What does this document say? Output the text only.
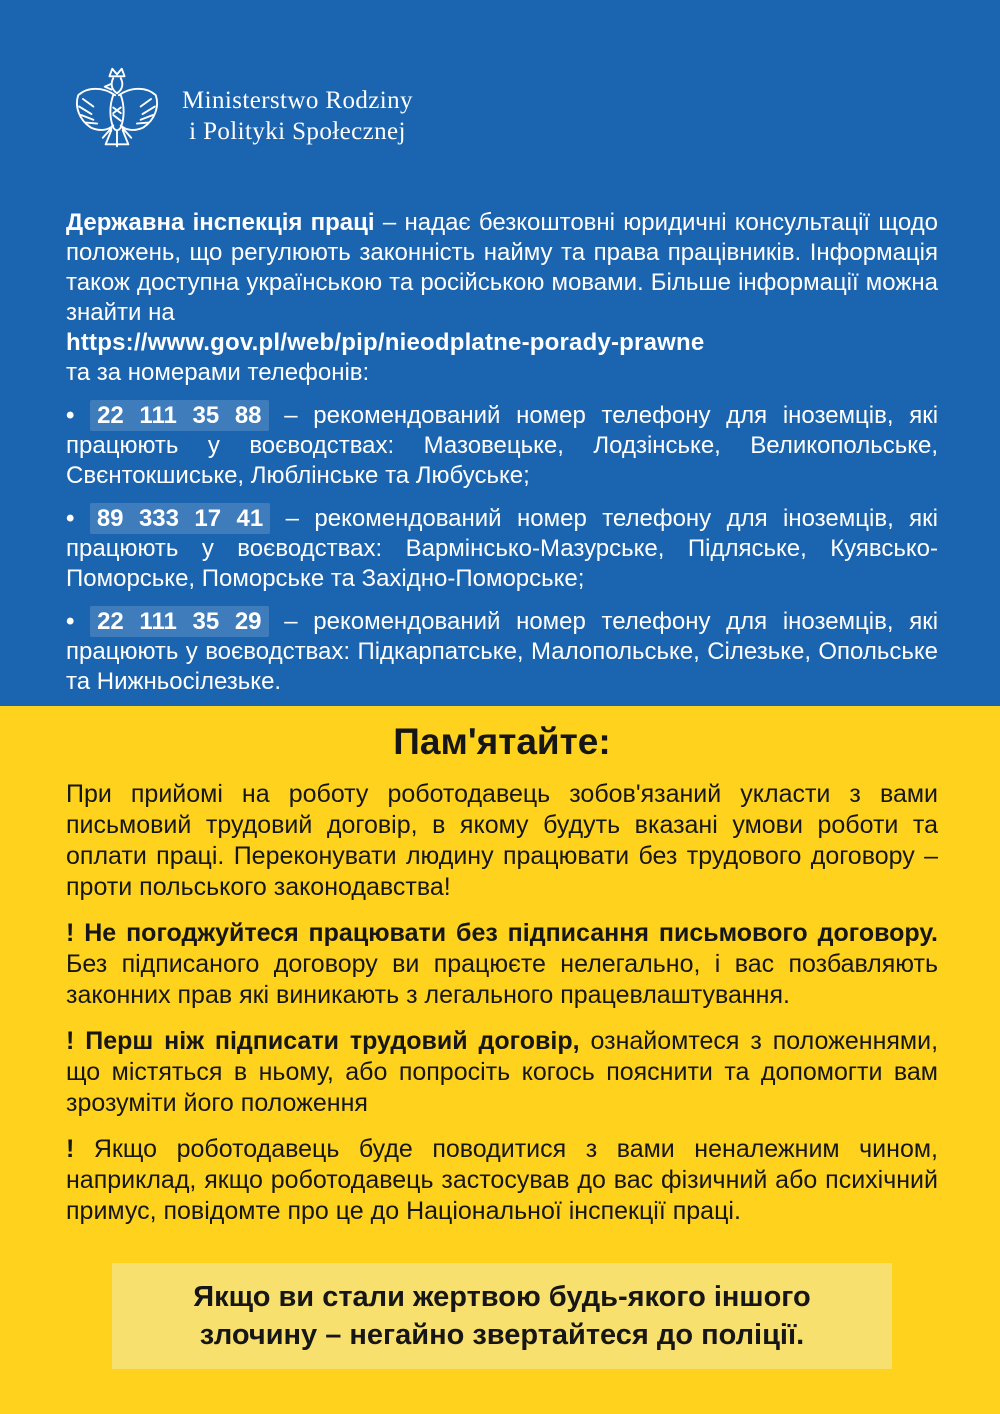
Ministerstwo Rodziny
i Polityki Społecznej

Державна інспекція праці – надає безкоштовні юридичні консультації щодо положень, що регулюють законність найму та права працівників. Інформація також доступна українською та російською мовами. Більше інформації можна знайти на

https://www.gov.pl/web/pip/nieodplatne-porady-prawne
та за номерами телефонів:

• 22 111 35 88 – рекомендований номер телефону для іноземців, які працюють у воєводствах: Мазовецьке, Лодзінське, Великопольське, Свєнтокшиське, Люблінське та Любуське;

• 89 333 17 41 – рекомендований номер телефону для іноземців, які працюють у воєводствах: Вармінсько-Мазурське, Підляське, Куявсько-Поморське, Поморське та Західно-Поморське;

• 22 111 35 29 – рекомендований номер телефону для іноземців, які працюють у воєводствах: Підкарпатське, Малопольське, Сілезьке, Опольське та Нижньосілезьке.

Пам'ятайте:

При прийомі на роботу роботодавець зобов'язаний укласти з вами письмовий трудовий договір, в якому будуть вказані умови роботи та оплати праці. Переконувати людину працювати без трудового договору – проти польського законодавства!

! Не погоджуйтеся працювати без підписання письмового договору. Без підписаного договору ви працюєте нелегально, і вас позбавляють законних прав які виникають з легального працевлаштування.

! Перш ніж підписати трудовий договір, ознайомтеся з положеннями, що містяться в ньому, або попросіть когось пояснити та допомогти вам зрозуміти його положення

! Якщо роботодавець буде поводитися з вами неналежним чином, наприклад, якщо роботодавець застосував до вас фізичний або психічний примус, повідомте про це до Національної інспекції праці.

Якщо ви стали жертвою будь-якого іншого злочину – негайно звертайтеся до поліції.
